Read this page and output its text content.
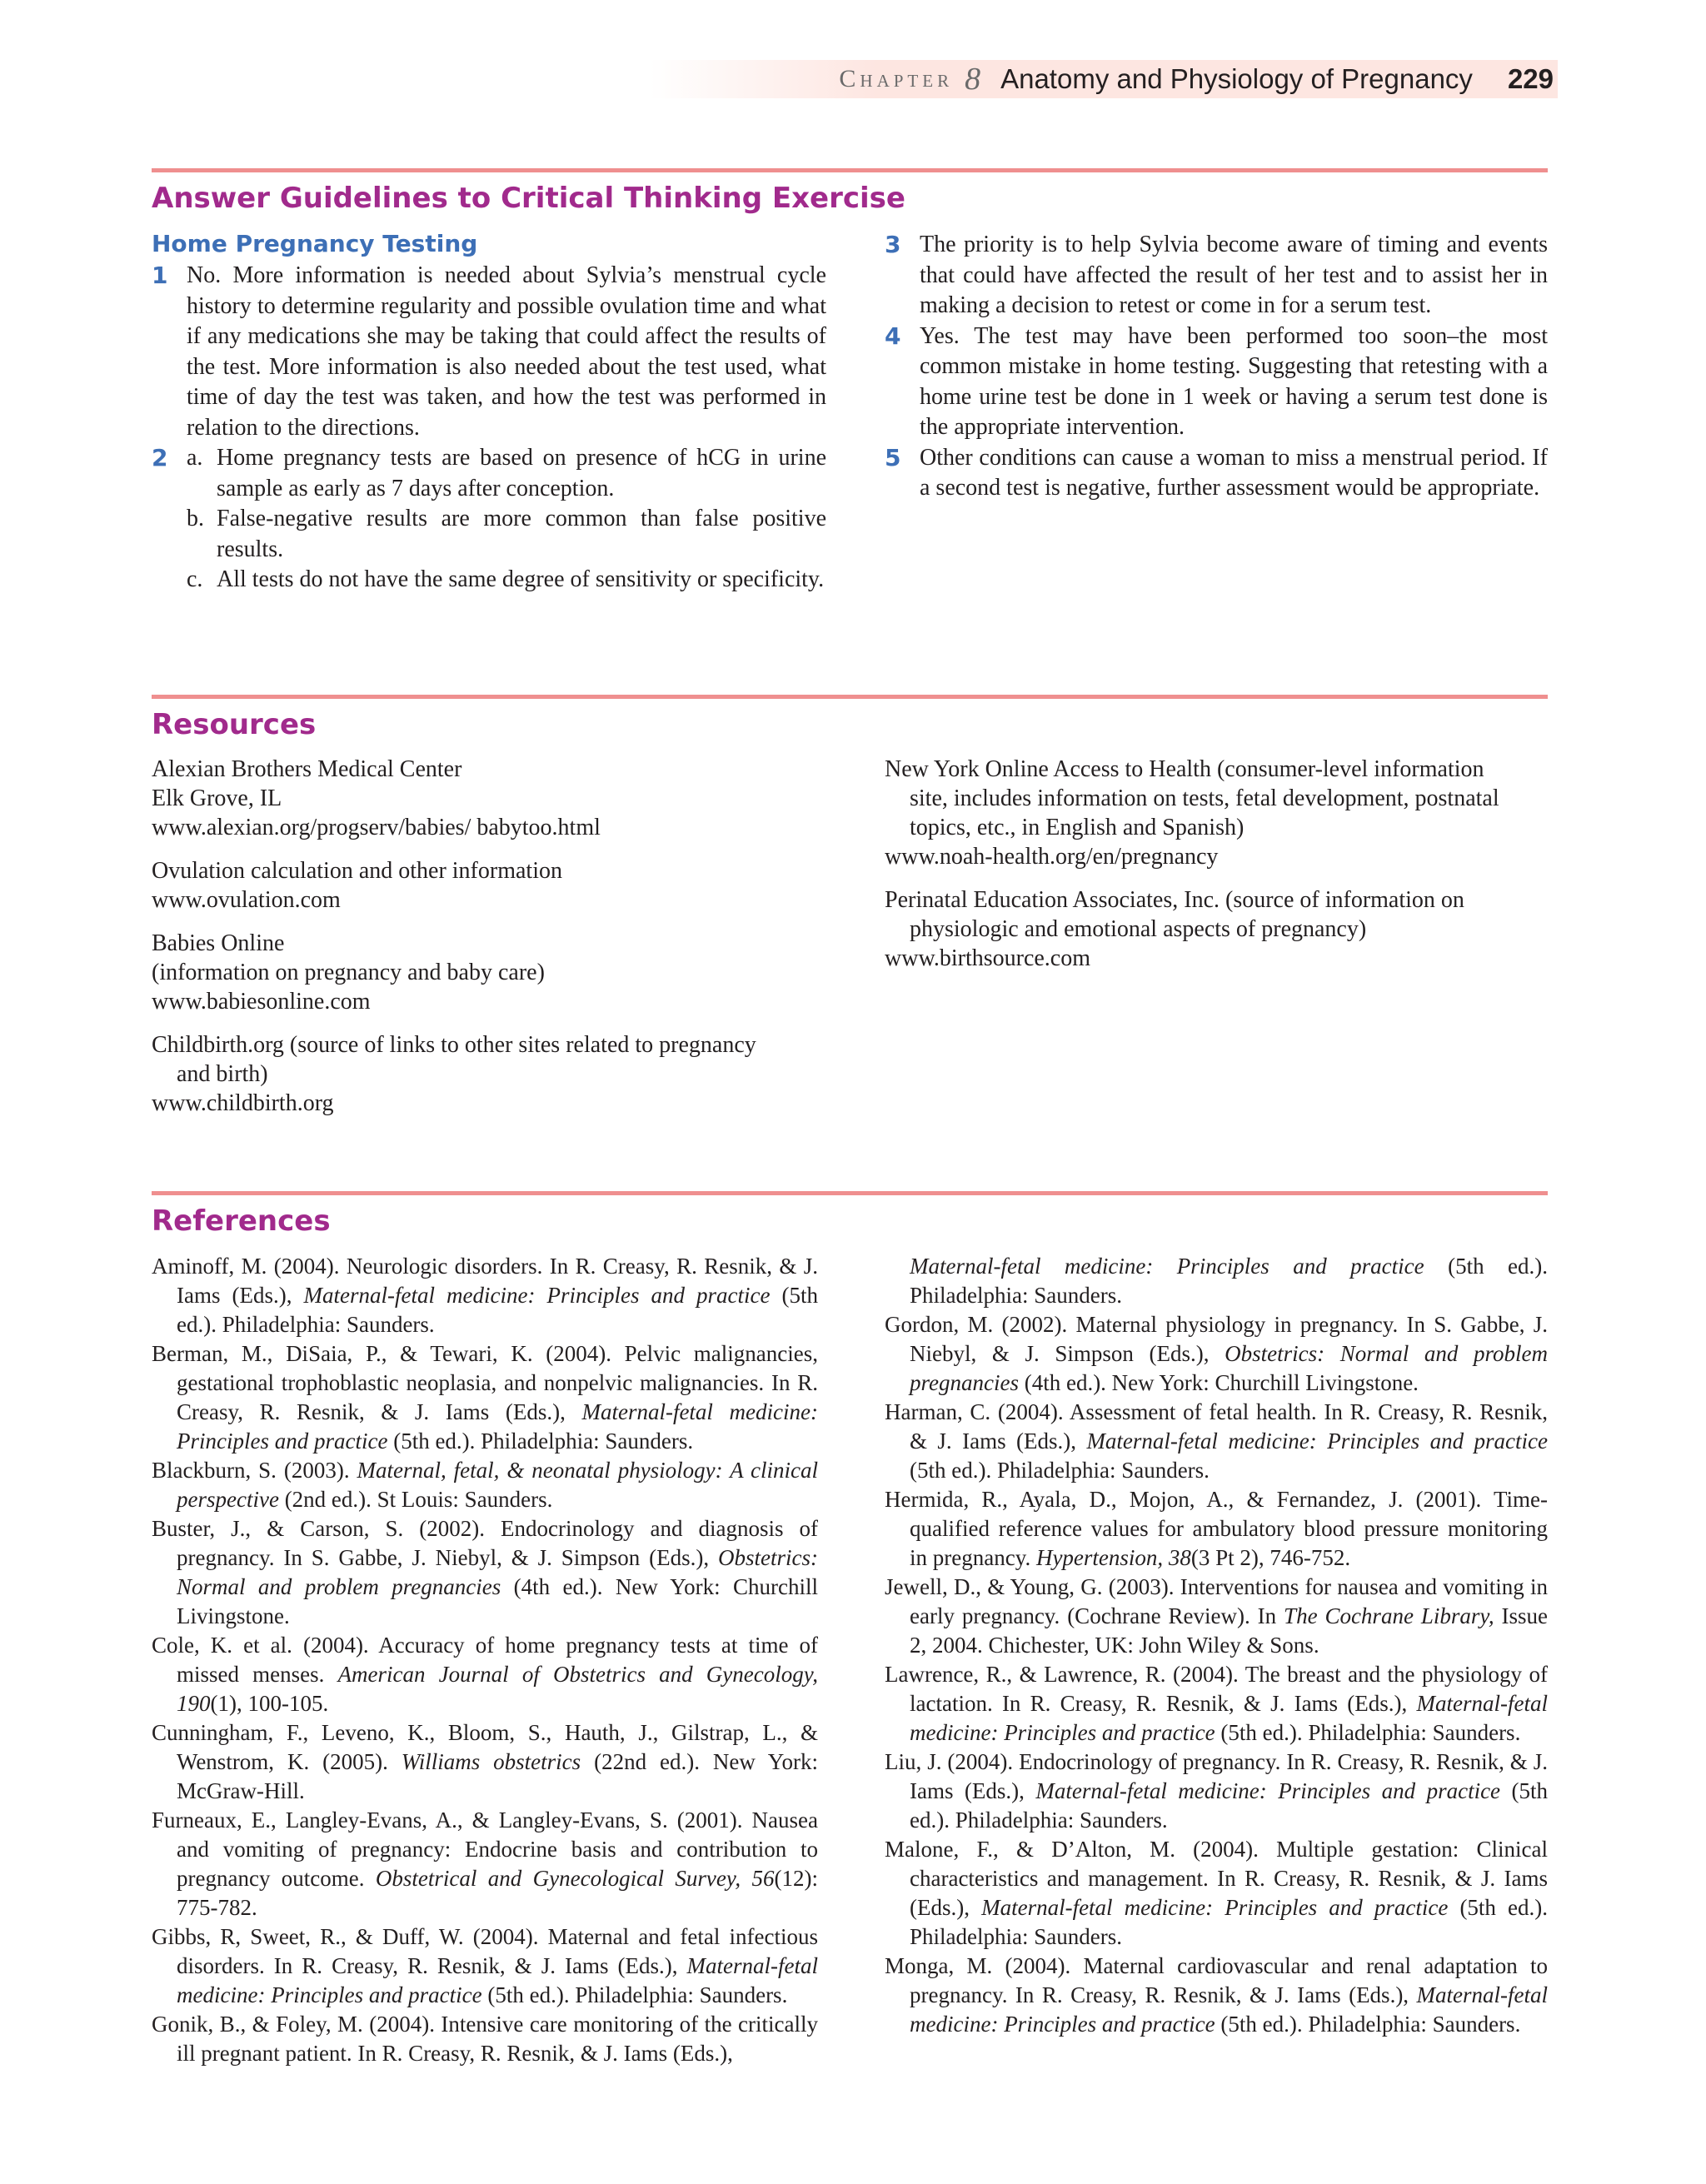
Chapter 8 Anatomy and Physiology of Pregnancy 229
Answer Guidelines to Critical Thinking Exercise
Home Pregnancy Testing
1 No. More information is needed about Sylvia’s menstrual cycle history to determine regularity and possible ovulation time and what if any medications she may be taking that could affect the results of the test. More information is also needed about the test used, what time of day the test was taken, and how the test was performed in relation to the directions.
2 a. Home pregnancy tests are based on presence of hCG in urine sample as early as 7 days after conception.
b. False-negative results are more common than false positive results.
c. All tests do not have the same degree of sensitivity or specificity.
3 The priority is to help Sylvia become aware of timing and events that could have affected the result of her test and to assist her in making a decision to retest or come in for a serum test.
4 Yes. The test may have been performed too soon–the most common mistake in home testing. Suggesting that retesting with a home urine test be done in 1 week or having a serum test done is the appropriate intervention.
5 Other conditions can cause a woman to miss a menstrual period. If a second test is negative, further assessment would be appropriate.
Resources
Alexian Brothers Medical Center
Elk Grove, IL
www.alexian.org/progserv/babies/ babytoo.html
Ovulation calculation and other information
www.ovulation.com
Babies Online
(information on pregnancy and baby care)
www.babiesonline.com
Childbirth.org (source of links to other sites related to pregnancy
and birth)
www.childbirth.org
New York Online Access to Health (consumer-level information
site, includes information on tests, fetal development, postnatal
topics, etc., in English and Spanish)
www.noah-health.org/en/pregnancy
Perinatal Education Associates, Inc. (source of information on
physiologic and emotional aspects of pregnancy)
www.birthsource.com
References
Aminoff, M. (2004). Neurologic disorders. In R. Creasy, R. Resnik, & J. Iams (Eds.), Maternal-fetal medicine: Principles and practice (5th ed.). Philadelphia: Saunders.
Berman, M., DiSaia, P., & Tewari, K. (2004). Pelvic malignancies, gestational trophoblastic neoplasia, and nonpelvic malignancies. In R. Creasy, R. Resnik, & J. Iams (Eds.), Maternal-fetal medicine: Principles and practice (5th ed.). Philadelphia: Saunders.
Blackburn, S. (2003). Maternal, fetal, & neonatal physiology: A clinical perspective (2nd ed.). St Louis: Saunders.
Buster, J., & Carson, S. (2002). Endocrinology and diagnosis of pregnancy. In S. Gabbe, J. Niebyl, & J. Simpson (Eds.), Obstetrics: Normal and problem pregnancies (4th ed.). New York: Churchill Livingstone.
Cole, K. et al. (2004). Accuracy of home pregnancy tests at time of missed menses. American Journal of Obstetrics and Gynecology, 190(1), 100-105.
Cunningham, F., Leveno, K., Bloom, S., Hauth, J., Gilstrap, L., & Wenstrom, K. (2005). Williams obstetrics (22nd ed.). New York: McGraw-Hill.
Furneaux, E., Langley-Evans, A., & Langley-Evans, S. (2001). Nausea and vomiting of pregnancy: Endocrine basis and contribution to pregnancy outcome. Obstetrical and Gynecological Survey, 56(12): 775-782.
Gibbs, R, Sweet, R., & Duff, W. (2004). Maternal and fetal infectious disorders. In R. Creasy, R. Resnik, & J. Iams (Eds.), Maternal-fetal medicine: Principles and practice (5th ed.). Philadelphia: Saunders.
Gonik, B., & Foley, M. (2004). Intensive care monitoring of the critically ill pregnant patient. In R. Creasy, R. Resnik, & J. Iams (Eds.),
Maternal-fetal medicine: Principles and practice (5th ed.). Philadelphia: Saunders.
Gordon, M. (2002). Maternal physiology in pregnancy. In S. Gabbe, J. Niebyl, & J. Simpson (Eds.), Obstetrics: Normal and problem pregnancies (4th ed.). New York: Churchill Livingstone.
Harman, C. (2004). Assessment of fetal health. In R. Creasy, R. Resnik, & J. Iams (Eds.), Maternal-fetal medicine: Principles and practice (5th ed.). Philadelphia: Saunders.
Hermida, R., Ayala, D., Mojon, A., & Fernandez, J. (2001). Time-qualified reference values for ambulatory blood pressure monitoring in pregnancy. Hypertension, 38(3 Pt 2), 746-752.
Jewell, D., & Young, G. (2003). Interventions for nausea and vomiting in early pregnancy. (Cochrane Review). In The Cochrane Library, Issue 2, 2004. Chichester, UK: John Wiley & Sons.
Lawrence, R., & Lawrence, R. (2004). The breast and the physiology of lactation. In R. Creasy, R. Resnik, & J. Iams (Eds.), Maternal-fetal medicine: Principles and practice (5th ed.). Philadelphia: Saunders.
Liu, J. (2004). Endocrinology of pregnancy. In R. Creasy, R. Resnik, & J. Iams (Eds.), Maternal-fetal medicine: Principles and practice (5th ed.). Philadelphia: Saunders.
Malone, F., & D’Alton, M. (2004). Multiple gestation: Clinical characteristics and management. In R. Creasy, R. Resnik, & J. Iams (Eds.), Maternal-fetal medicine: Principles and practice (5th ed.). Philadelphia: Saunders.
Monga, M. (2004). Maternal cardiovascular and renal adaptation to pregnancy. In R. Creasy, R. Resnik, & J. Iams (Eds.), Maternal-fetal medicine: Principles and practice (5th ed.). Philadelphia: Saunders.
